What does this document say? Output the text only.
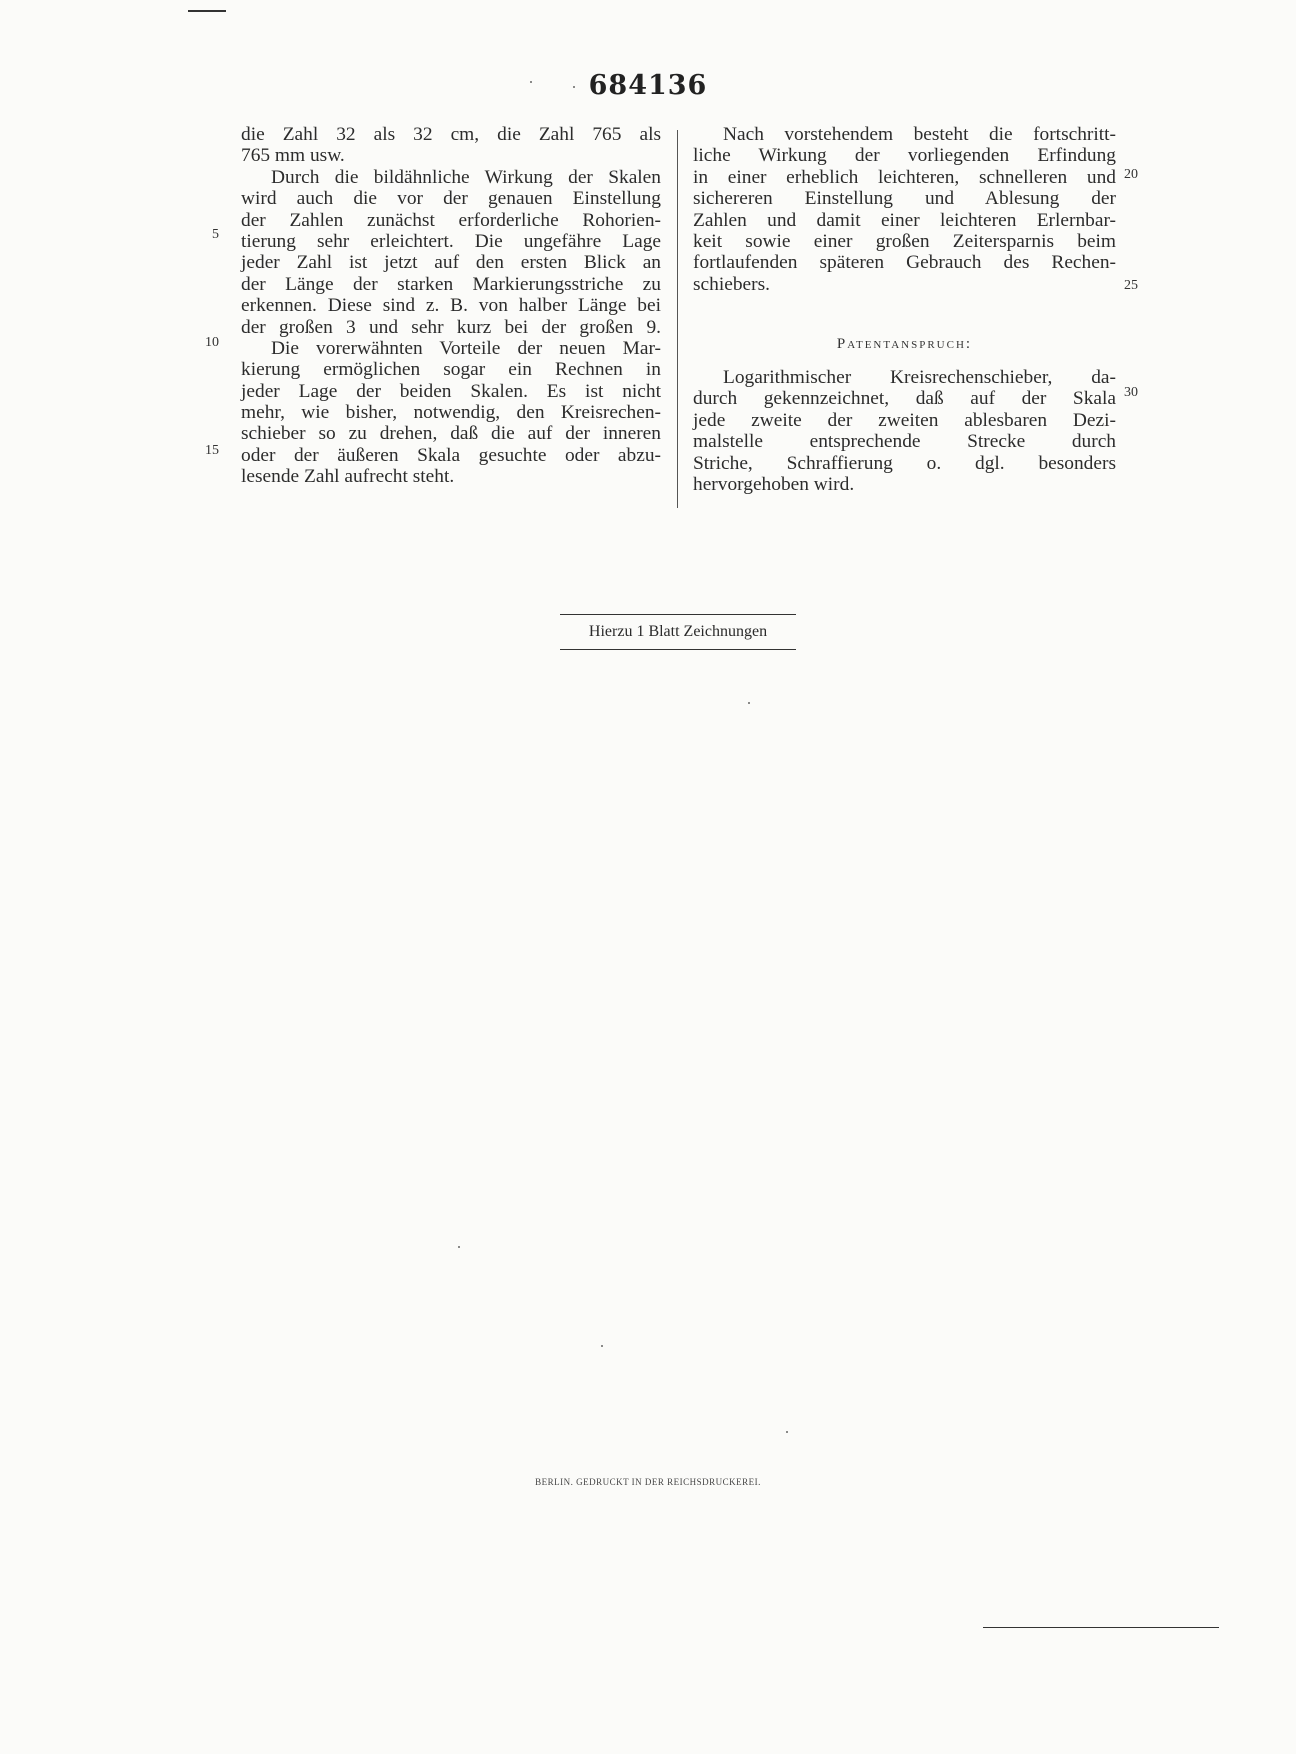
684136
die Zahl 32 als 32 cm, die Zahl 765 als
765 mm usw.
Durch die bildähnliche Wirkung der Skalen
wird auch die vor der genauen Einstellung
der Zahlen zunächst erforderliche Rohorien-
tierung sehr erleichtert. Die ungefähre Lage
jeder Zahl ist jetzt auf den ersten Blick an
der Länge der starken Markierungsstriche zu
erkennen. Diese sind z. B. von halber Länge bei
der großen 3 und sehr kurz bei der großen 9.
Die vorerwähnten Vorteile der neuen Mar-
kierung ermöglichen sogar ein Rechnen in
jeder Lage der beiden Skalen. Es ist nicht
mehr, wie bisher, notwendig, den Kreisrechen-
schieber so zu drehen, daß die auf der inneren
oder der äußeren Skala gesuchte oder abzu-
lesende Zahl aufrecht steht.
Nach vorstehendem besteht die fortschritt-
liche Wirkung der vorliegenden Erfindung
in einer erheblich leichteren, schnelleren und
sichereren Einstellung und Ablesung der
Zahlen und damit einer leichteren Erlernbar-
keit sowie einer großen Zeitersparnis beim
fortlaufenden späteren Gebrauch des Rechen-
schiebers.
Patentanspruch:
Logarithmischer Kreisrechenschieber, da-
durch gekennzeichnet, daß auf der Skala
jede zweite der zweiten ablesbaren Dezi-
malstelle entsprechende Strecke durch
Striche, Schraffierung o. dgl. besonders
hervorgehoben wird.
5
10
15
20
25
30
Hierzu 1 Blatt Zeichnungen
BERLIN. GEDRUCKT IN DER REICHSDRUCKEREI.
